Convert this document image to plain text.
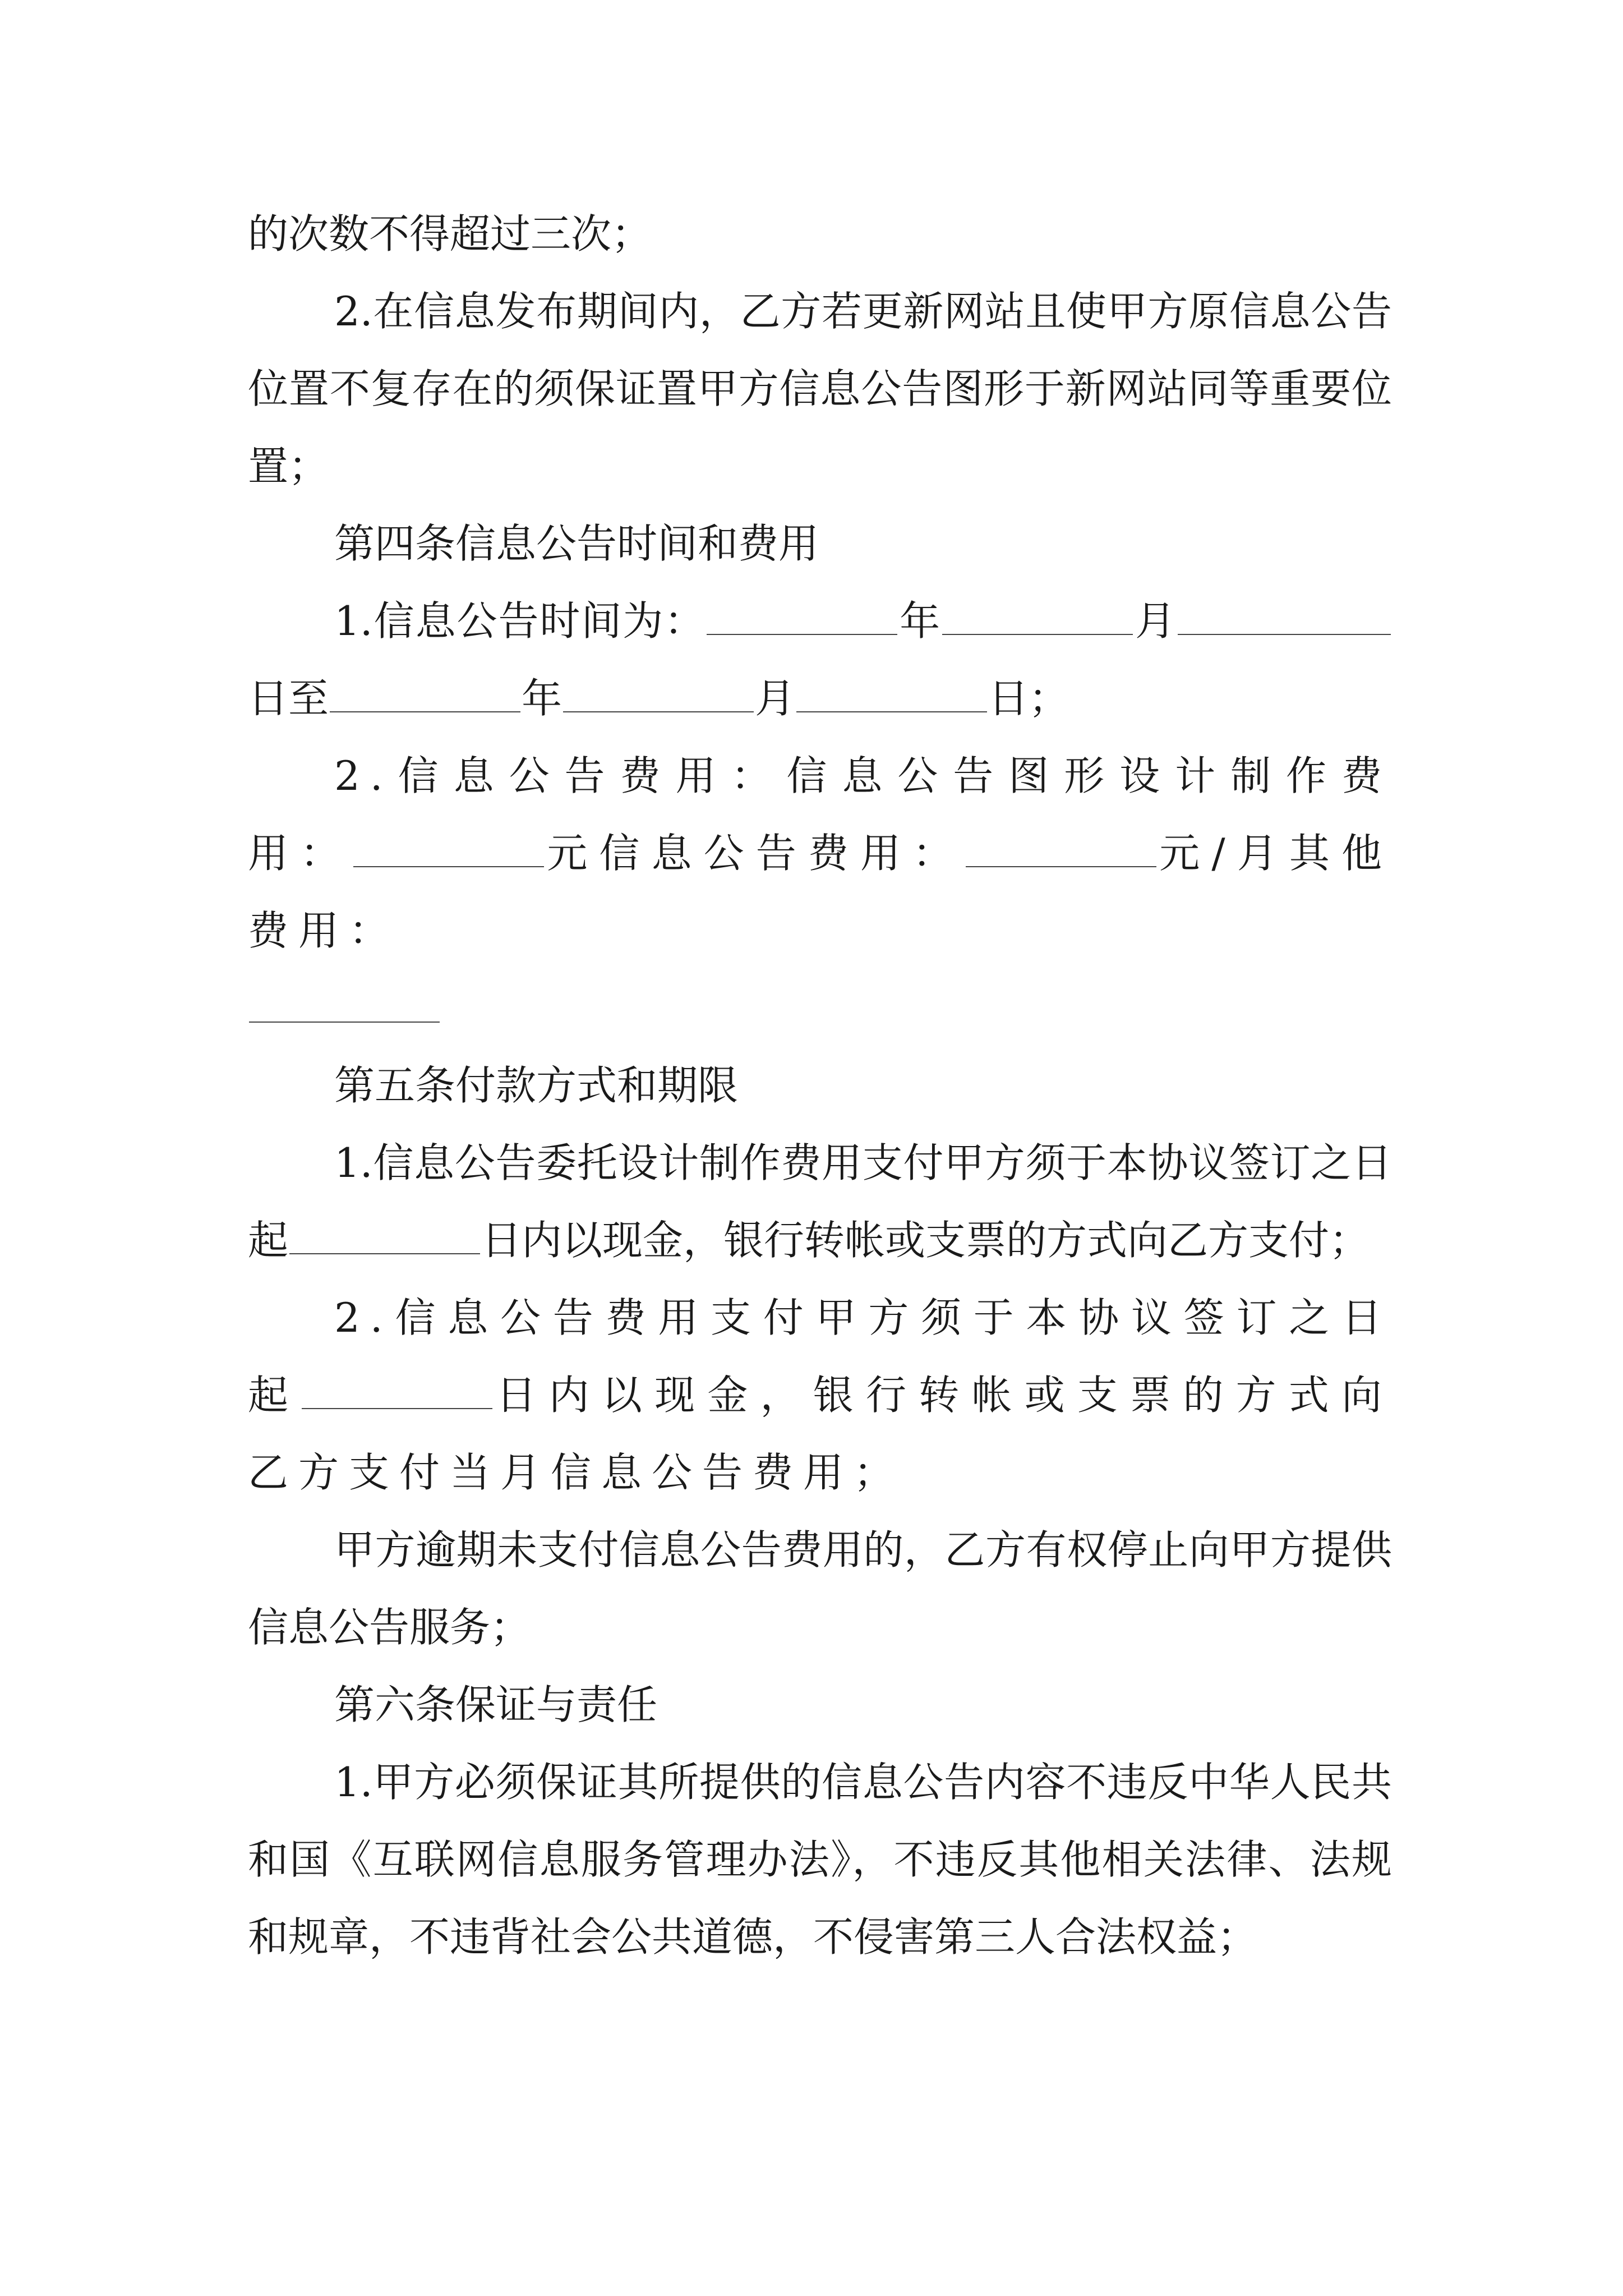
的次数不得超过三次；

2.在信息发布期间内，乙方若更新网站且使甲方原信息公告位置不复存在的须保证置甲方信息公告图形于新网站同等重要位置；

第四条信息公告时间和费用

1.信息公告时间为：	年	月日至	年	月	日；

2.信息公告费用：信息公告图形设计制作费用：	元信息公告费用：	元/月其他费用：

第五条付款方式和期限

1.信息公告委托设计制作费用支付甲方须于本协议签订之日起	日内以现金，银行转帐或支票的方式向乙方支付；

2.信息公告费用支付甲方须于本协议签订之日起	日内以现金，银行转帐或支票的方式向乙方支付当月信息公告费用；

甲方逾期未支付信息公告费用的，乙方有权停止向甲方提供信息公告服务；

第六条保证与责任

1.甲方必须保证其所提供的信息公告内容不违反中华人民共和国《互联网信息服务管理办法》，不违反其他相关法律、法规和规章，不违背社会公共道德，不侵害第三人合法权益；
